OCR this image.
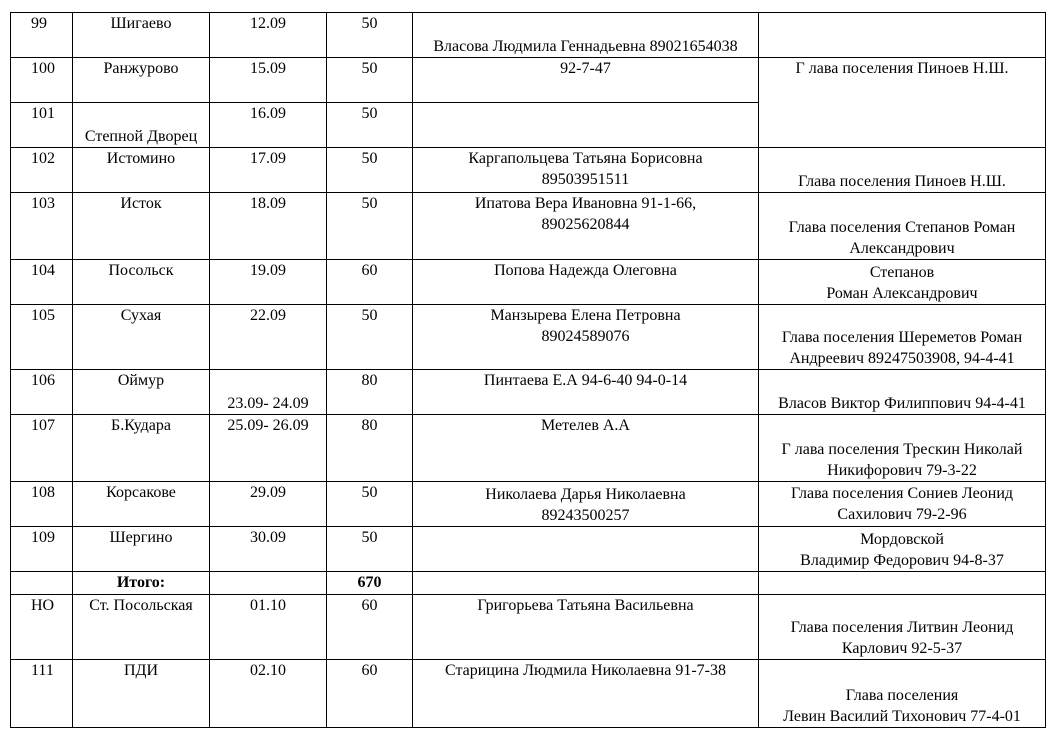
99	Шигаево	12.09	50	Власова Людмила Геннадьевна 89021654038	

100	Ранжурово	15.09	50	92-7-47	Г лава поселения Пиноев Н.Ш.

101	Степной Дворец	16.09	50		
102	Истомино	17.09	50	Каргапольцева Татьяна Борисовна
89503951511	Глава поселения Пиноев Н.Ш.

103	Исток	18.09	50	Ипатова Вера Ивановна 91-1-66,
89025620844	Глава поселения Степанов Роман
Александрович

104	Посольск	19.09	60	Попова Надежда Олеговна	Степанов
Роман Александрович

105	Сухая	22.09	50	Манзырева Елена Петровна
89024589076	Глава поселения Шереметов Роман
Андреевич 89247503908, 94-4-41

106	Оймур	23.09- 24.09	80	Пинтаева Е.А 94-6-40 94-0-14	Власов Виктор Филиппович 94-4-41

107	Б.Кудара	25.09- 26.09	80	Метелев А.А	Г лава поселения Трескин Николай
Никифорович 79-3-22

108	Корсакове	29.09	50	Николаева Дарья Николаевна
89243500257	Глава поселения Сониев Леонид
Сахилович 79-2-96

109	Шергино	30.09	50		Мордовской
Владимир Федорович 94-8-37

	Итого:		670		
НО	Ст. Посольская	01.10	60	Григорьева Татьяна Васильевна	Глава поселения Литвин Леонид
Карлович 92-5-37

111	ПДИ	02.10	60	Старицина Людмила Николаевна 91-7-38	Глава поселения
Левин Василий Тихонович 77-4-01
